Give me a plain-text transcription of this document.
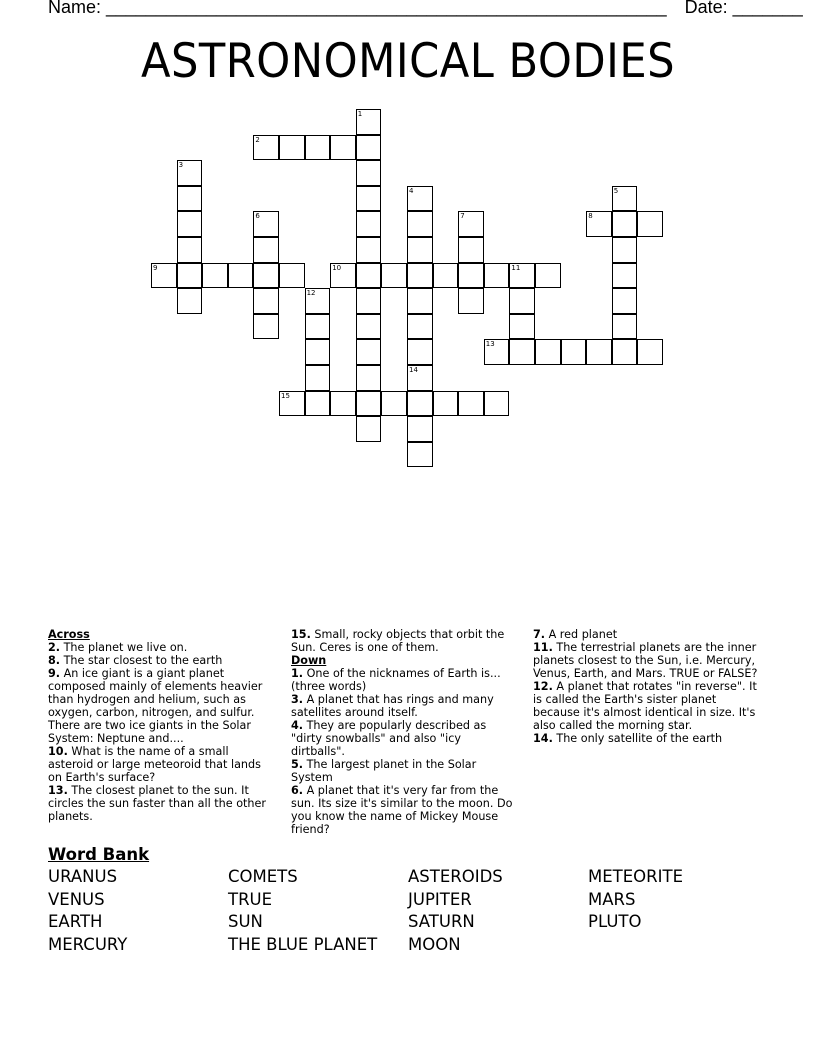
Name: ________________________________________________________ Date: _______
ASTRONOMICAL BODIES
1
2
3
4	5
6	7	8
9	10	11
12
13
14
15
Across
2. The planet we live on.
8. The star closest to the earth
9. An ice giant is a giant planet composed mainly of elements heavier than hydrogen and helium, such as oxygen, carbon, nitrogen, and sulfur. There are two ice giants in the Solar System: Neptune and....
10. What is the name of a small asteroid or large meteoroid that lands on Earth's surface?
13. The closest planet to the sun. It circles the sun faster than all the other planets.
15. Small, rocky objects that orbit the Sun. Ceres is one of them.
Down
1. One of the nicknames of Earth is... (three words)
3. A planet that has rings and many satellites around itself.
4. They are popularly described as "dirty snowballs" and also "icy dirtballs".
5. The largest planet in the Solar System
6. A planet that it's very far from the sun. Its size it's similar to the moon. Do you know the name of Mickey Mouse friend?
7. A red planet
11. The terrestrial planets are the inner planets closest to the Sun, i.e. Mercury, Venus, Earth, and Mars. TRUE or FALSE?
12. A planet that rotates "in reverse". It is called the Earth's sister planet because it's almost identical in size. It's also called the morning star.
14. The only satellite of the earth
Word Bank
URANUS
VENUS
EARTH
MERCURY
COMETS
TRUE
SUN
THE BLUE PLANET
ASTEROIDS
JUPITER
SATURN
MOON
METEORITE
MARS
PLUTO
